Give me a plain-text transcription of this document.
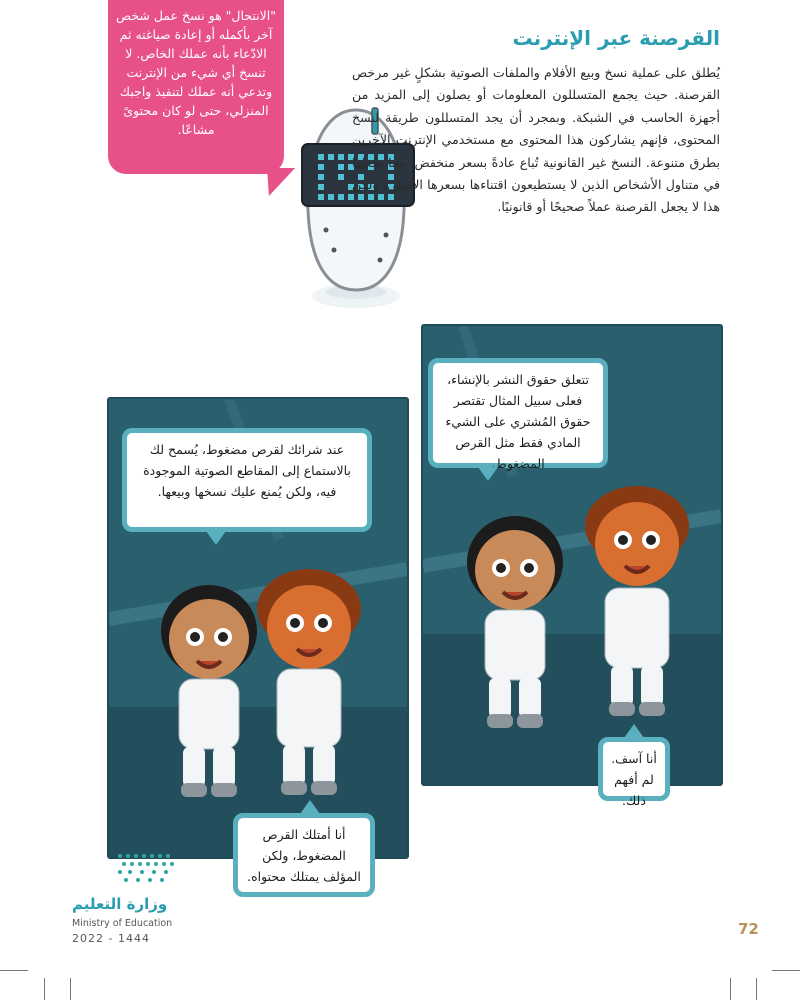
"الانتحال" هو نسخ عمل شخص آخر بأكمله أو إعادة صياغته ثم الادّعاء بأنه عملك الخاص. لا تنسخ أي شيء من الإنترنت وتدعي أنه عملك لتنفيذ واجبك المنزلي، حتى لو كان محتوىً مشاعًا.
القرصنة عبر الإنترنت
يُطلق على عملية نسخ وبيع الأفلام والملفات الصوتية بشكلٍ غير مرخص القرصنة. حيث يجمع المتسللون المعلومات أو يصلون إلى المزيد من أجهزة الحاسب في الشبكة. وبمجرد أن يجد المتسللون طريقة لنسخ المحتوى، فإنهم يشاركون هذا المحتوى مع مستخدمي الإنترنت الآخرين بطرق متنوعة. النسخ غير القانونية تُباع عادةً بسعر منخفض، مما يجعلها في متناول الأشخاص الذين لا يستطيعون اقتناءها بسعرها الأصلي، ولكن هذا لا يجعل القرصنة عملاً صحيحًا أو قانونيًا.
عند شرائك لقرص مضغوط، يُسمح لك بالاستماع إلى المقاطع الصوتية الموجودة فيه، ولكن يُمنع عليك نسخها وبيعها.
تتعلق حقوق النشر بالإنشاء، فعلى سبيل المثال تقتصر حقوق المُشتري على الشيء المادي فقط مثل القرص المضغوط.
أنا آسف. لم أفهم ذلك.
أنا أمتلك القرص المضغوط، ولكن المؤلف يمتلك محتواه.
وزارة التعليم
Ministry of Education
2022 - 1444
72
